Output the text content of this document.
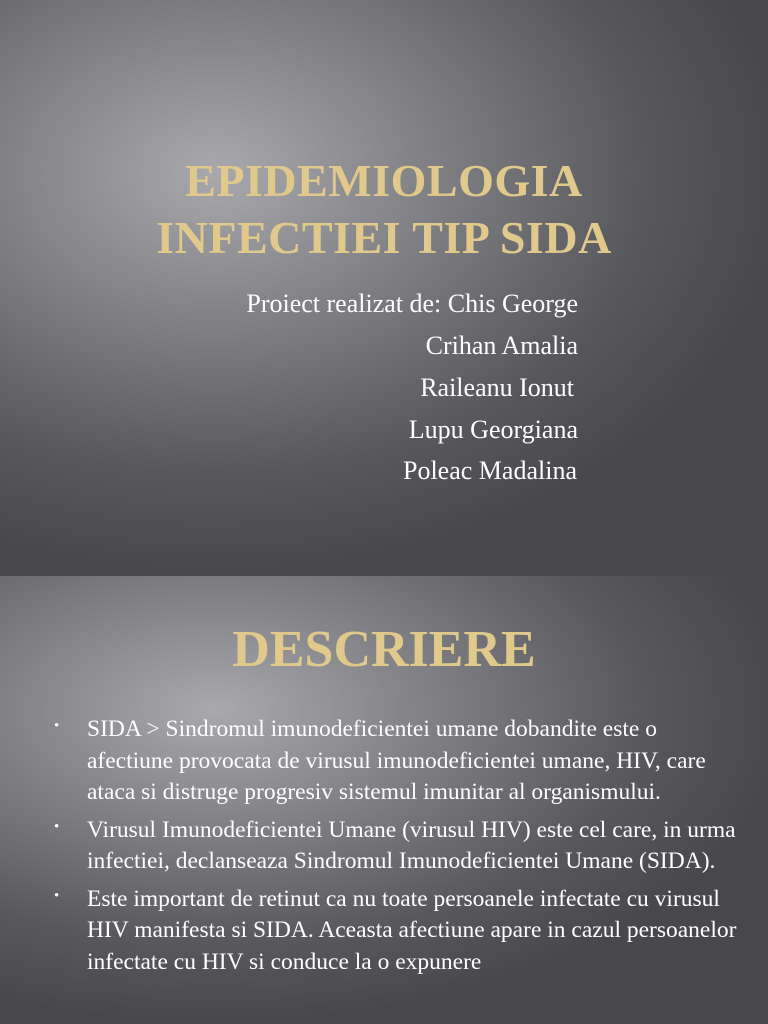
EPIDEMIOLOGIA
INFECTIEI TIP SIDA
Proiect realizat de: Chis George
Crihan Amalia
Raileanu Ionut
Lupu Georgiana
Poleac Madalina
DESCRIERE
• SIDA > Sindromul imunodeficientei umane dobandite este o afectiune provocata de virusul imunodeficientei umane, HIV, care ataca si distruge progresiv sistemul imunitar al organismului.
• Virusul Imunodeficientei Umane (virusul HIV) este cel care, in urma infectiei, declanseaza Sindromul Imunodeficientei Umane (SIDA).
• Este important de retinut ca nu toate persoanele infectate cu virusul HIV manifesta si SIDA. Aceasta afectiune apare in cazul persoanelor infectate cu HIV si conduce la o expunere
